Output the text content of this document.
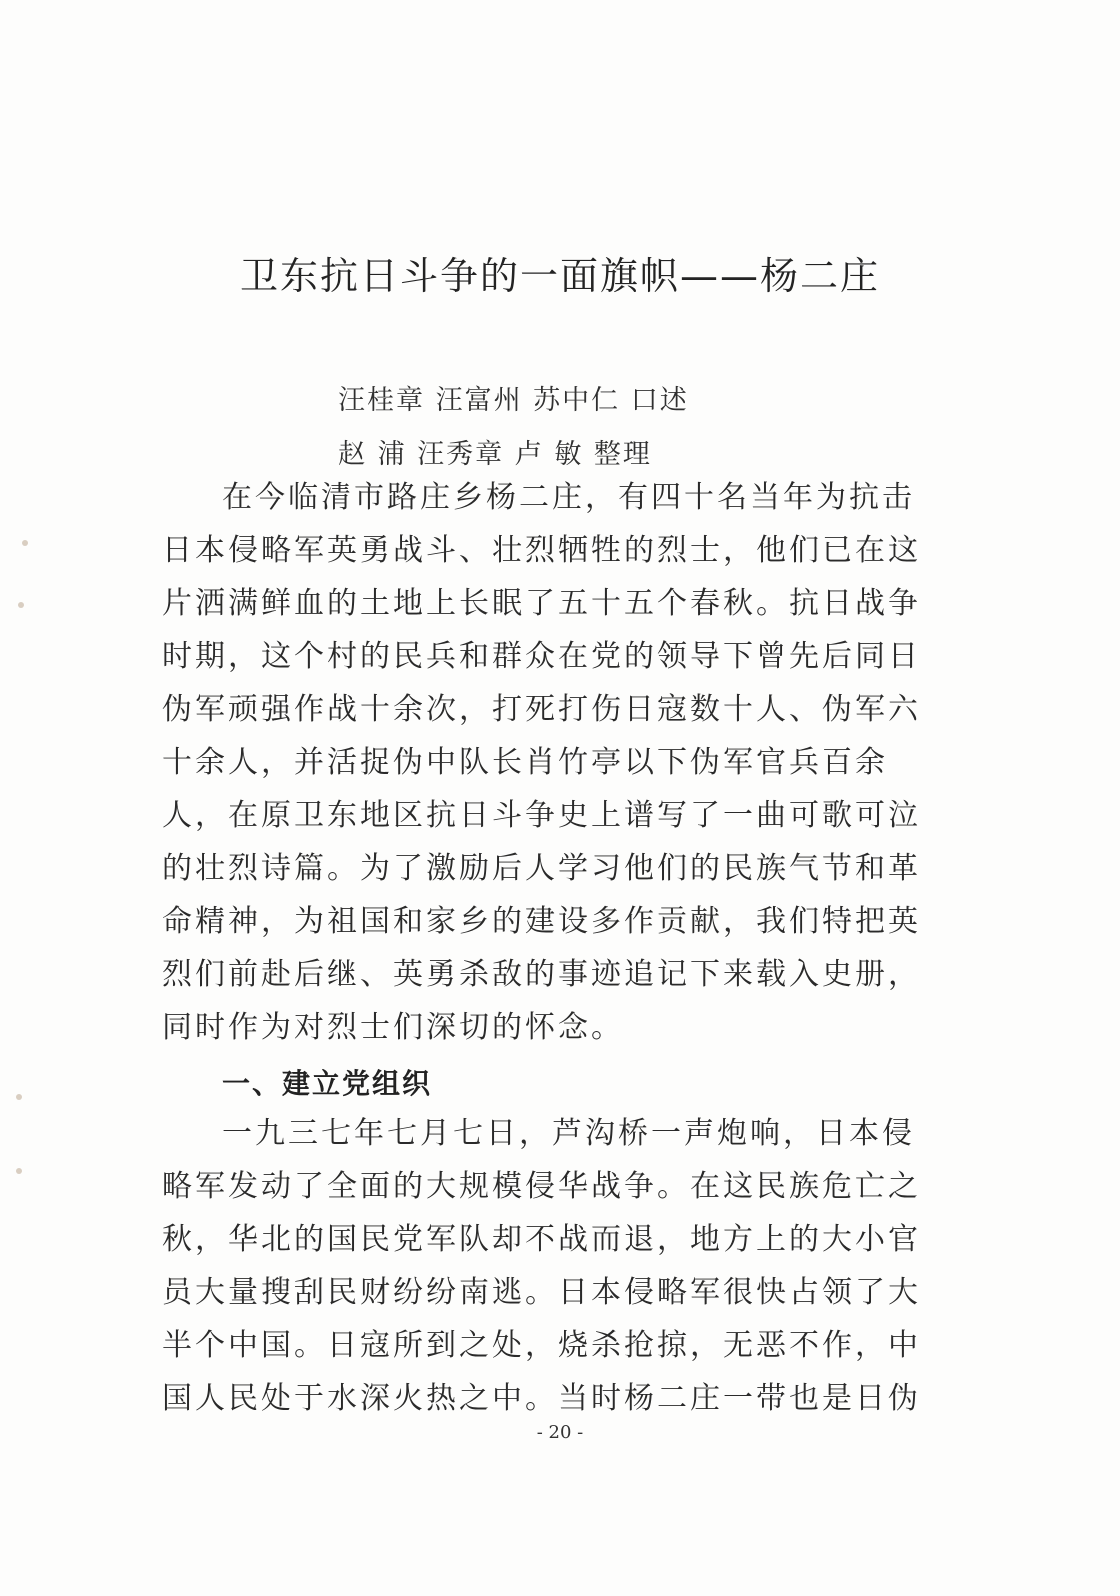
卫东抗日斗争的一面旗帜——杨二庄
汪桂章 汪富州 苏中仁 口述
赵 浦 汪秀章 卢 敏 整理
在今临清市路庄乡杨二庄，有四十名当年为抗击
日本侵略军英勇战斗、壮烈牺牲的烈士，他们已在这
片洒满鲜血的土地上长眠了五十五个春秋。抗日战争
时期，这个村的民兵和群众在党的领导下曾先后同日
伪军顽强作战十余次，打死打伤日寇数十人、伪军六
十余人，并活捉伪中队长肖竹亭以下伪军官兵百余
人，在原卫东地区抗日斗争史上谱写了一曲可歌可泣
的壮烈诗篇。为了激励后人学习他们的民族气节和革
命精神，为祖国和家乡的建设多作贡献，我们特把英
烈们前赴后继、英勇杀敌的事迹追记下来载入史册，
同时作为对烈士们深切的怀念。
一、建立党组织
一九三七年七月七日，芦沟桥一声炮响，日本侵
略军发动了全面的大规模侵华战争。在这民族危亡之
秋，华北的国民党军队却不战而退，地方上的大小官
员大量搜刮民财纷纷南逃。日本侵略军很快占领了大
半个中国。日寇所到之处，烧杀抢掠，无恶不作，中
国人民处于水深火热之中。当时杨二庄一带也是日伪
- 20 -
